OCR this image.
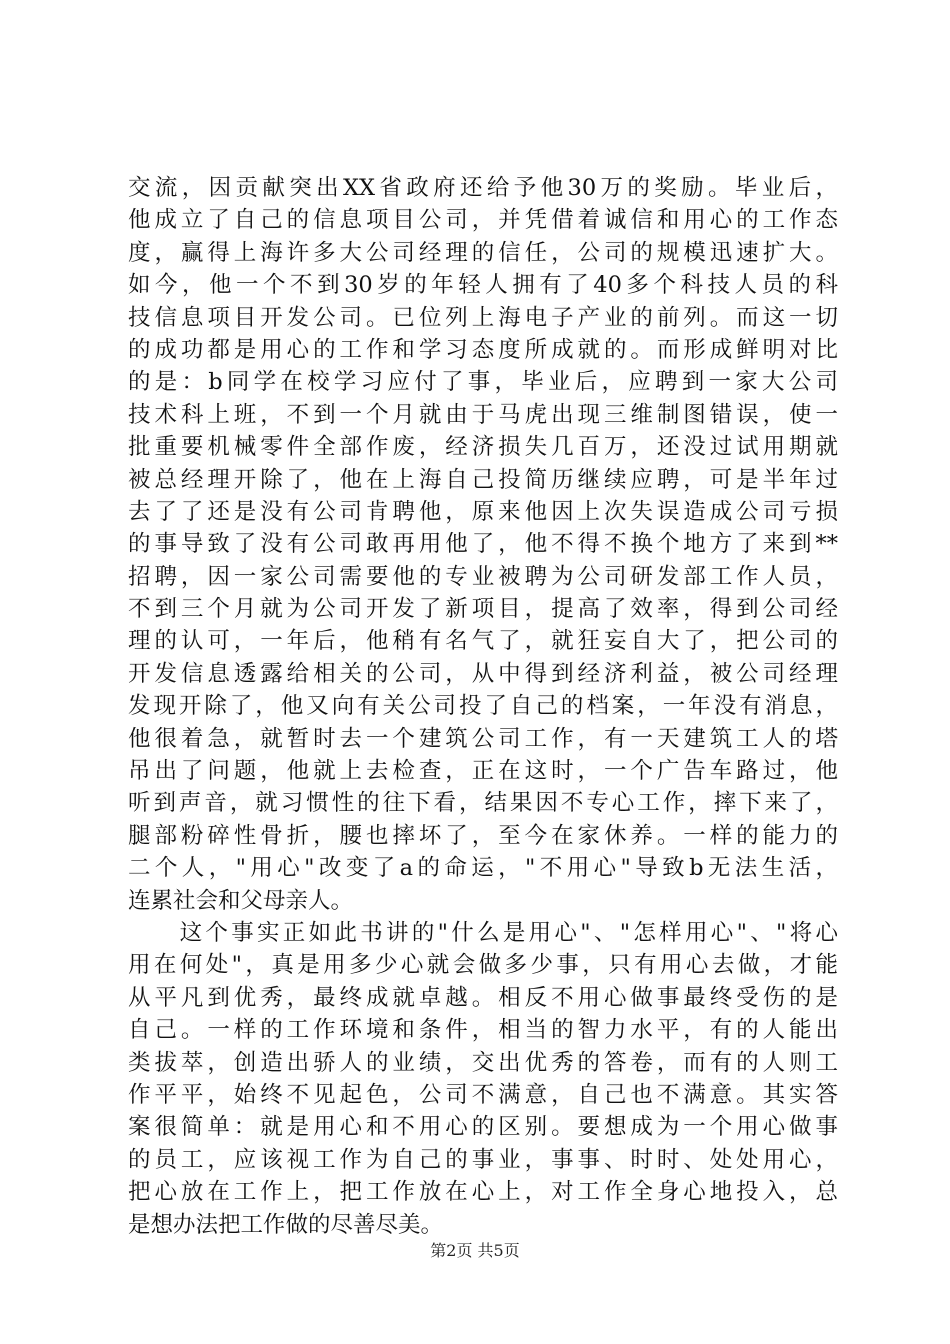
交流，因贡献突出XX省政府还给予他30万的奖励。毕业后，
他成立了自己的信息项目公司，并凭借着诚信和用心的工作态
度，赢得上海许多大公司经理的信任，公司的规模迅速扩大。
如今，他一个不到30岁的年轻人拥有了40多个科技人员的科
技信息项目开发公司。已位列上海电子产业的前列。而这一切
的成功都是用心的工作和学习态度所成就的。而形成鲜明对比
的是：b同学在校学习应付了事，毕业后，应聘到一家大公司
技术科上班，不到一个月就由于马虎出现三维制图错误，使一
批重要机械零件全部作废，经济损失几百万，还没过试用期就
被总经理开除了，他在上海自己投简历继续应聘，可是半年过
去了了还是没有公司肯聘他，原来他因上次失误造成公司亏损
的事导致了没有公司敢再用他了，他不得不换个地方了来到**
招聘，因一家公司需要他的专业被聘为公司研发部工作人员，
不到三个月就为公司开发了新项目，提高了效率，得到公司经
理的认可，一年后，他稍有名气了，就狂妄自大了，把公司的
开发信息透露给相关的公司，从中得到经济利益，被公司经理
发现开除了，他又向有关公司投了自己的档案，一年没有消息，
他很着急，就暂时去一个建筑公司工作，有一天建筑工人的塔
吊出了问题，他就上去检查，正在这时，一个广告车路过，他
听到声音，就习惯性的往下看，结果因不专心工作，摔下来了，
腿部粉碎性骨折，腰也摔坏了，至今在家休养。一样的能力的
二个人，"用心"改变了a的命运，"不用心"导致b无法生活，
连累社会和父母亲人。
　　这个事实正如此书讲的"什么是用心"、"怎样用心"、"将心
用在何处"，真是用多少心就会做多少事，只有用心去做，才能
从平凡到优秀，最终成就卓越。相反不用心做事最终受伤的是
自己。一样的工作环境和条件，相当的智力水平，有的人能出
类拔萃，创造出骄人的业绩，交出优秀的答卷，而有的人则工
作平平，始终不见起色，公司不满意，自己也不满意。其实答
案很简单：就是用心和不用心的区别。要想成为一个用心做事
的员工，应该视工作为自己的事业，事事、时时、处处用心，
把心放在工作上，把工作放在心上，对工作全身心地投入，总
是想办法把工作做的尽善尽美。
第2页 共5页
